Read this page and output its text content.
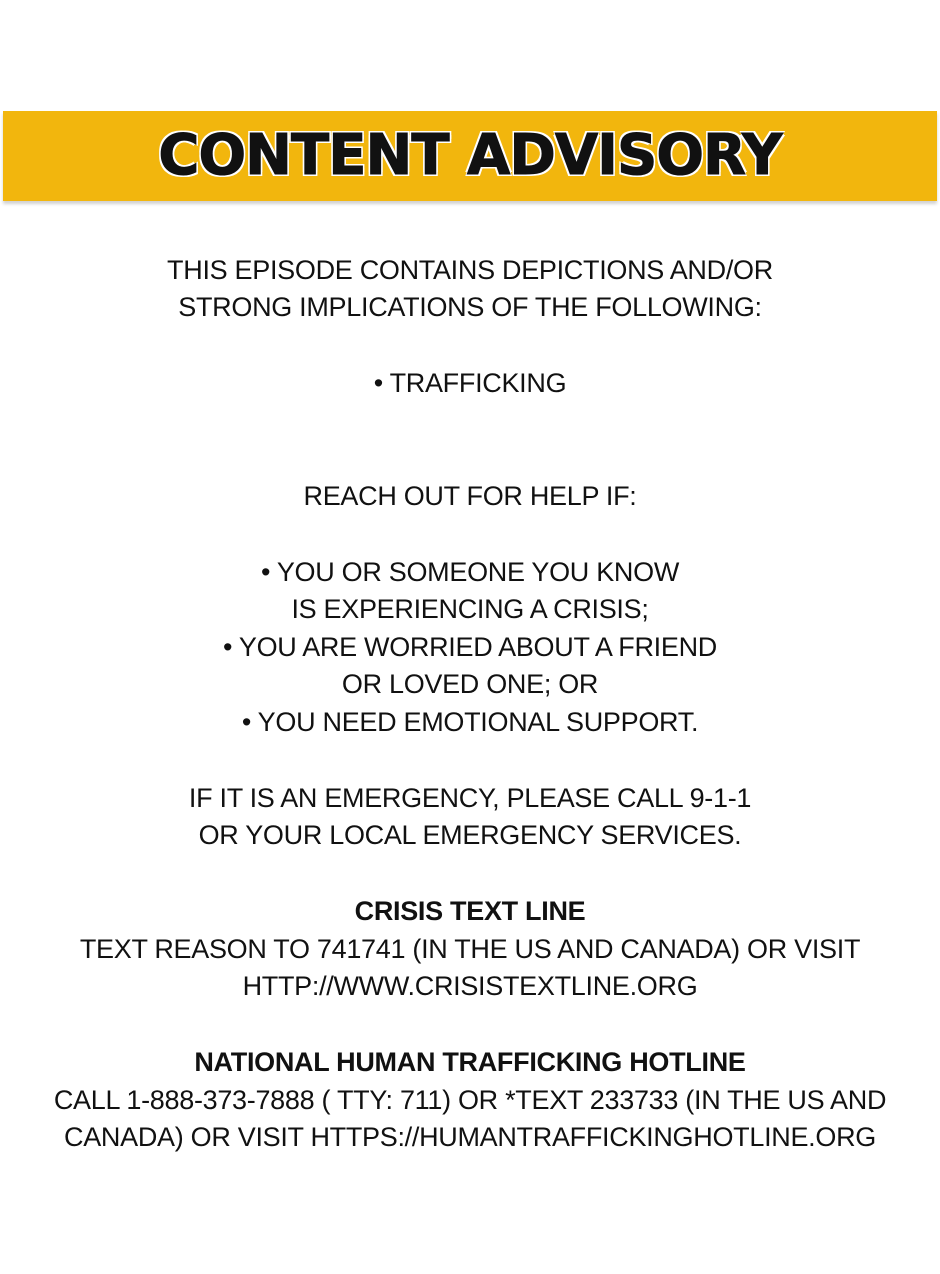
CONTENT ADVISORY
THIS EPISODE CONTAINS DEPICTIONS AND/OR
STRONG IMPLICATIONS OF THE FOLLOWING:
• TRAFFICKING
REACH OUT FOR HELP IF:
• YOU OR SOMEONE YOU KNOW
IS EXPERIENCING A CRISIS;
• YOU ARE WORRIED ABOUT A FRIEND
OR LOVED ONE; OR
• YOU NEED EMOTIONAL SUPPORT.
IF IT IS AN EMERGENCY, PLEASE CALL 9-1-1
OR YOUR LOCAL EMERGENCY SERVICES.
CRISIS TEXT LINE
TEXT REASON TO 741741 (IN THE US AND CANADA) OR VISIT
HTTP://WWW.CRISISTEXTLINE.ORG
NATIONAL HUMAN TRAFFICKING HOTLINE
CALL 1-888-373-7888 ( TTY: 711) OR *TEXT 233733 (IN THE US AND
CANADA) OR VISIT HTTPS://HUMANTRAFFICKINGHOTLINE.ORG
